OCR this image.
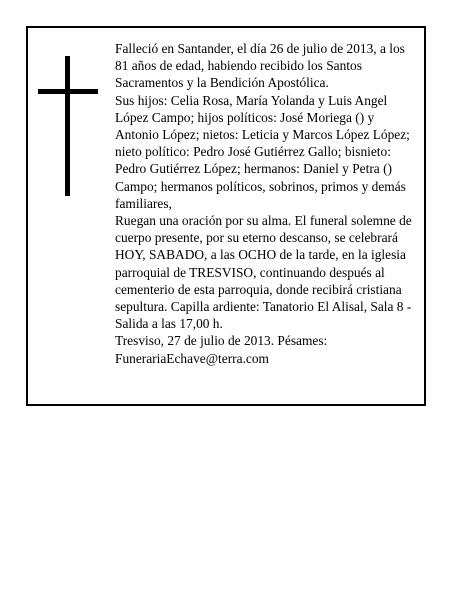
Falleció en Santander, el día 26 de julio de 2013, a los 81 años de edad, habiendo recibido los Santos Sacramentos y la Bendición Apostólica.

Sus hijos: Celia Rosa, María Yolanda y Luis Angel López Campo; hijos políticos: José Moriega () y Antonio López; nietos: Leticia y Marcos López López; nieto político: Pedro José Gutiérrez Gallo; bisnieto: Pedro Gutiérrez López; hermanos: Daniel y Petra () Campo; hermanos políticos, sobrinos, primos y demás familiares,

Ruegan una oración por su alma. El funeral solemne de cuerpo presente, por su eterno descanso, se celebrará HOY, SABADO, a las OCHO de la tarde, en la iglesia parroquial de TRESVISO, continuando después al cementerio de esta parroquia, donde recibirá cristiana sepultura. Capilla ardiente: Tanatorio El Alisal, Sala 8 - Salida a las 17,00 h.

Tresviso, 27 de julio de 2013. Pésames: FunerariaEchave@terra.com
